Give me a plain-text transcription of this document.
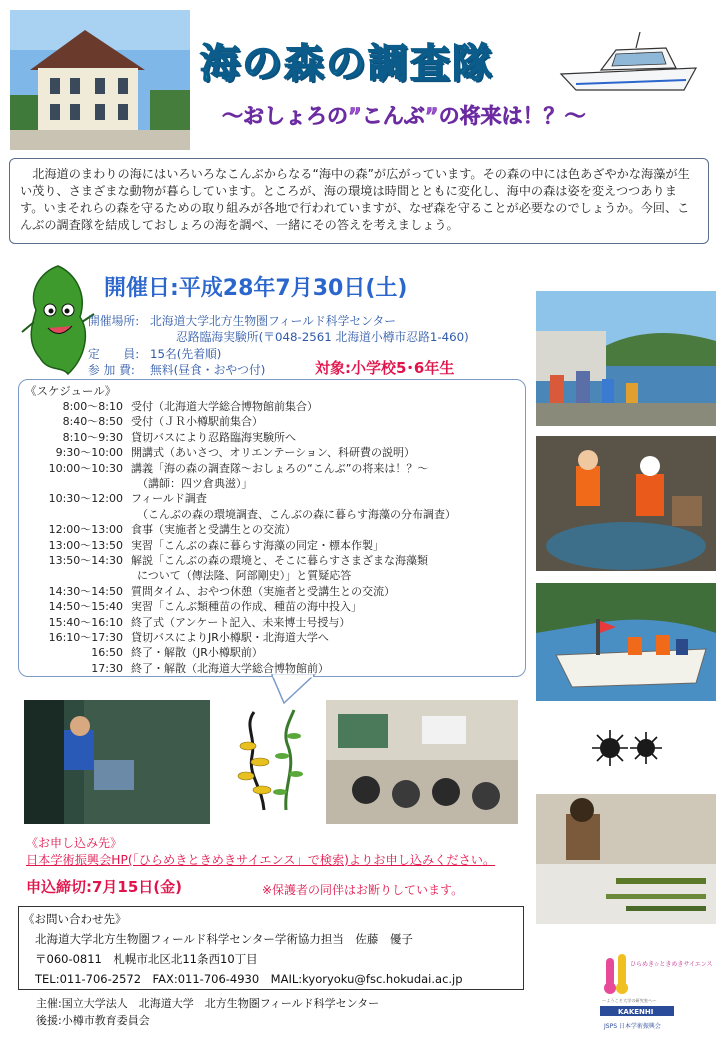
海の森の調査隊
～おしょろの”こんぶ”の将来は！？～
北海道のまわりの海にはいろいろなこんぶからなる“海中の森”が広がっています。その森の中には色あざやかな海藻が生い茂り、さまざまな動物が暮らしています。ところが、海の環境は時間とともに変化し、海中の森は姿を変えつつあります。いまそれらの森を守るための取り組みが各地で行われていますが、なぜ森を守ることが必要なのでしょうか。今回、こんぶの調査隊を結成しておしょろの海を調べ、一緒にその答えを考えましょう。
開催日:平成28年7月30日(土)
開催場所: 北海道大学北方生物圏フィールド科学センター
忍路臨海実験所(〒048-2561 北海道小樽市忍路1-460)
定　　員: 15名(先着順)
参 加 費: 無料(昼食・おやつ付)	対象:小学校5･6年生
《スケジュール》
8:00～8:10 受付（北海道大学総合博物館前集合）
8:40～8:50 受付（ＪＲ小樽駅前集合）
8:10～9:30 貸切バスにより忍路臨海実験所へ
9:30～10:00 開講式（あいさつ、オリエンテーション、科研費の説明）
10:00～10:30 講義「海の森の調査隊～おしょろの“こんぶ”の将来は！？～
（講師：四ツ倉典滋）」
10:30～12:00 フィールド調査
（こんぶの森の環境調査、こんぶの森に暮らす海藻の分布調査）
12:00～13:00 食事（実施者と受講生との交流）
13:00～13:50 実習「こんぶの森に暮らす海藻の同定・標本作製」
13:50～14:30 解説「こんぶの森の環境と、そこに暮らすさまざまな海藻類
について（傳法隆、阿部剛史）」と質疑応答
14:30～14:50 質問タイム、おやつ休憩（実施者と受講生との交流）
14:50～15:40 実習「こんぶ類種苗の作成、種苗の海中投入」
15:40～16:10 終了式（アンケート記入、未来博士号授与）
16:10～17:30 貸切バスによりJR小樽駅・北海道大学へ
16:50 終了・解散（JR小樽駅前）
17:30 終了・解散（北海道大学総合博物館前）
《お申し込み先》
日本学術振興会HP(「ひらめきときめきサイエンス」で検索)よりお申し込みください。
申込締切:7月15日(金)	※保護者の同伴はお断りしています。
《お問い合わせ先》
北海道大学北方生物圏フィールド科学センター学術協力担当　佐藤　優子
〒060-0811　札幌市北区北11条西10丁目
TEL:011-706-2572　FAX:011-706-4930　MAIL:kyoryoku@fsc.hokudai.ac.jp
主催:国立大学法人　北海道大学　北方生物圏フィールド科学センター
後援:小樽市教育委員会
ひらめき☆ときめきサイエンス
～ようこそ大学の研究室へ～
KAKENHI
JSPS 日本学術振興会
